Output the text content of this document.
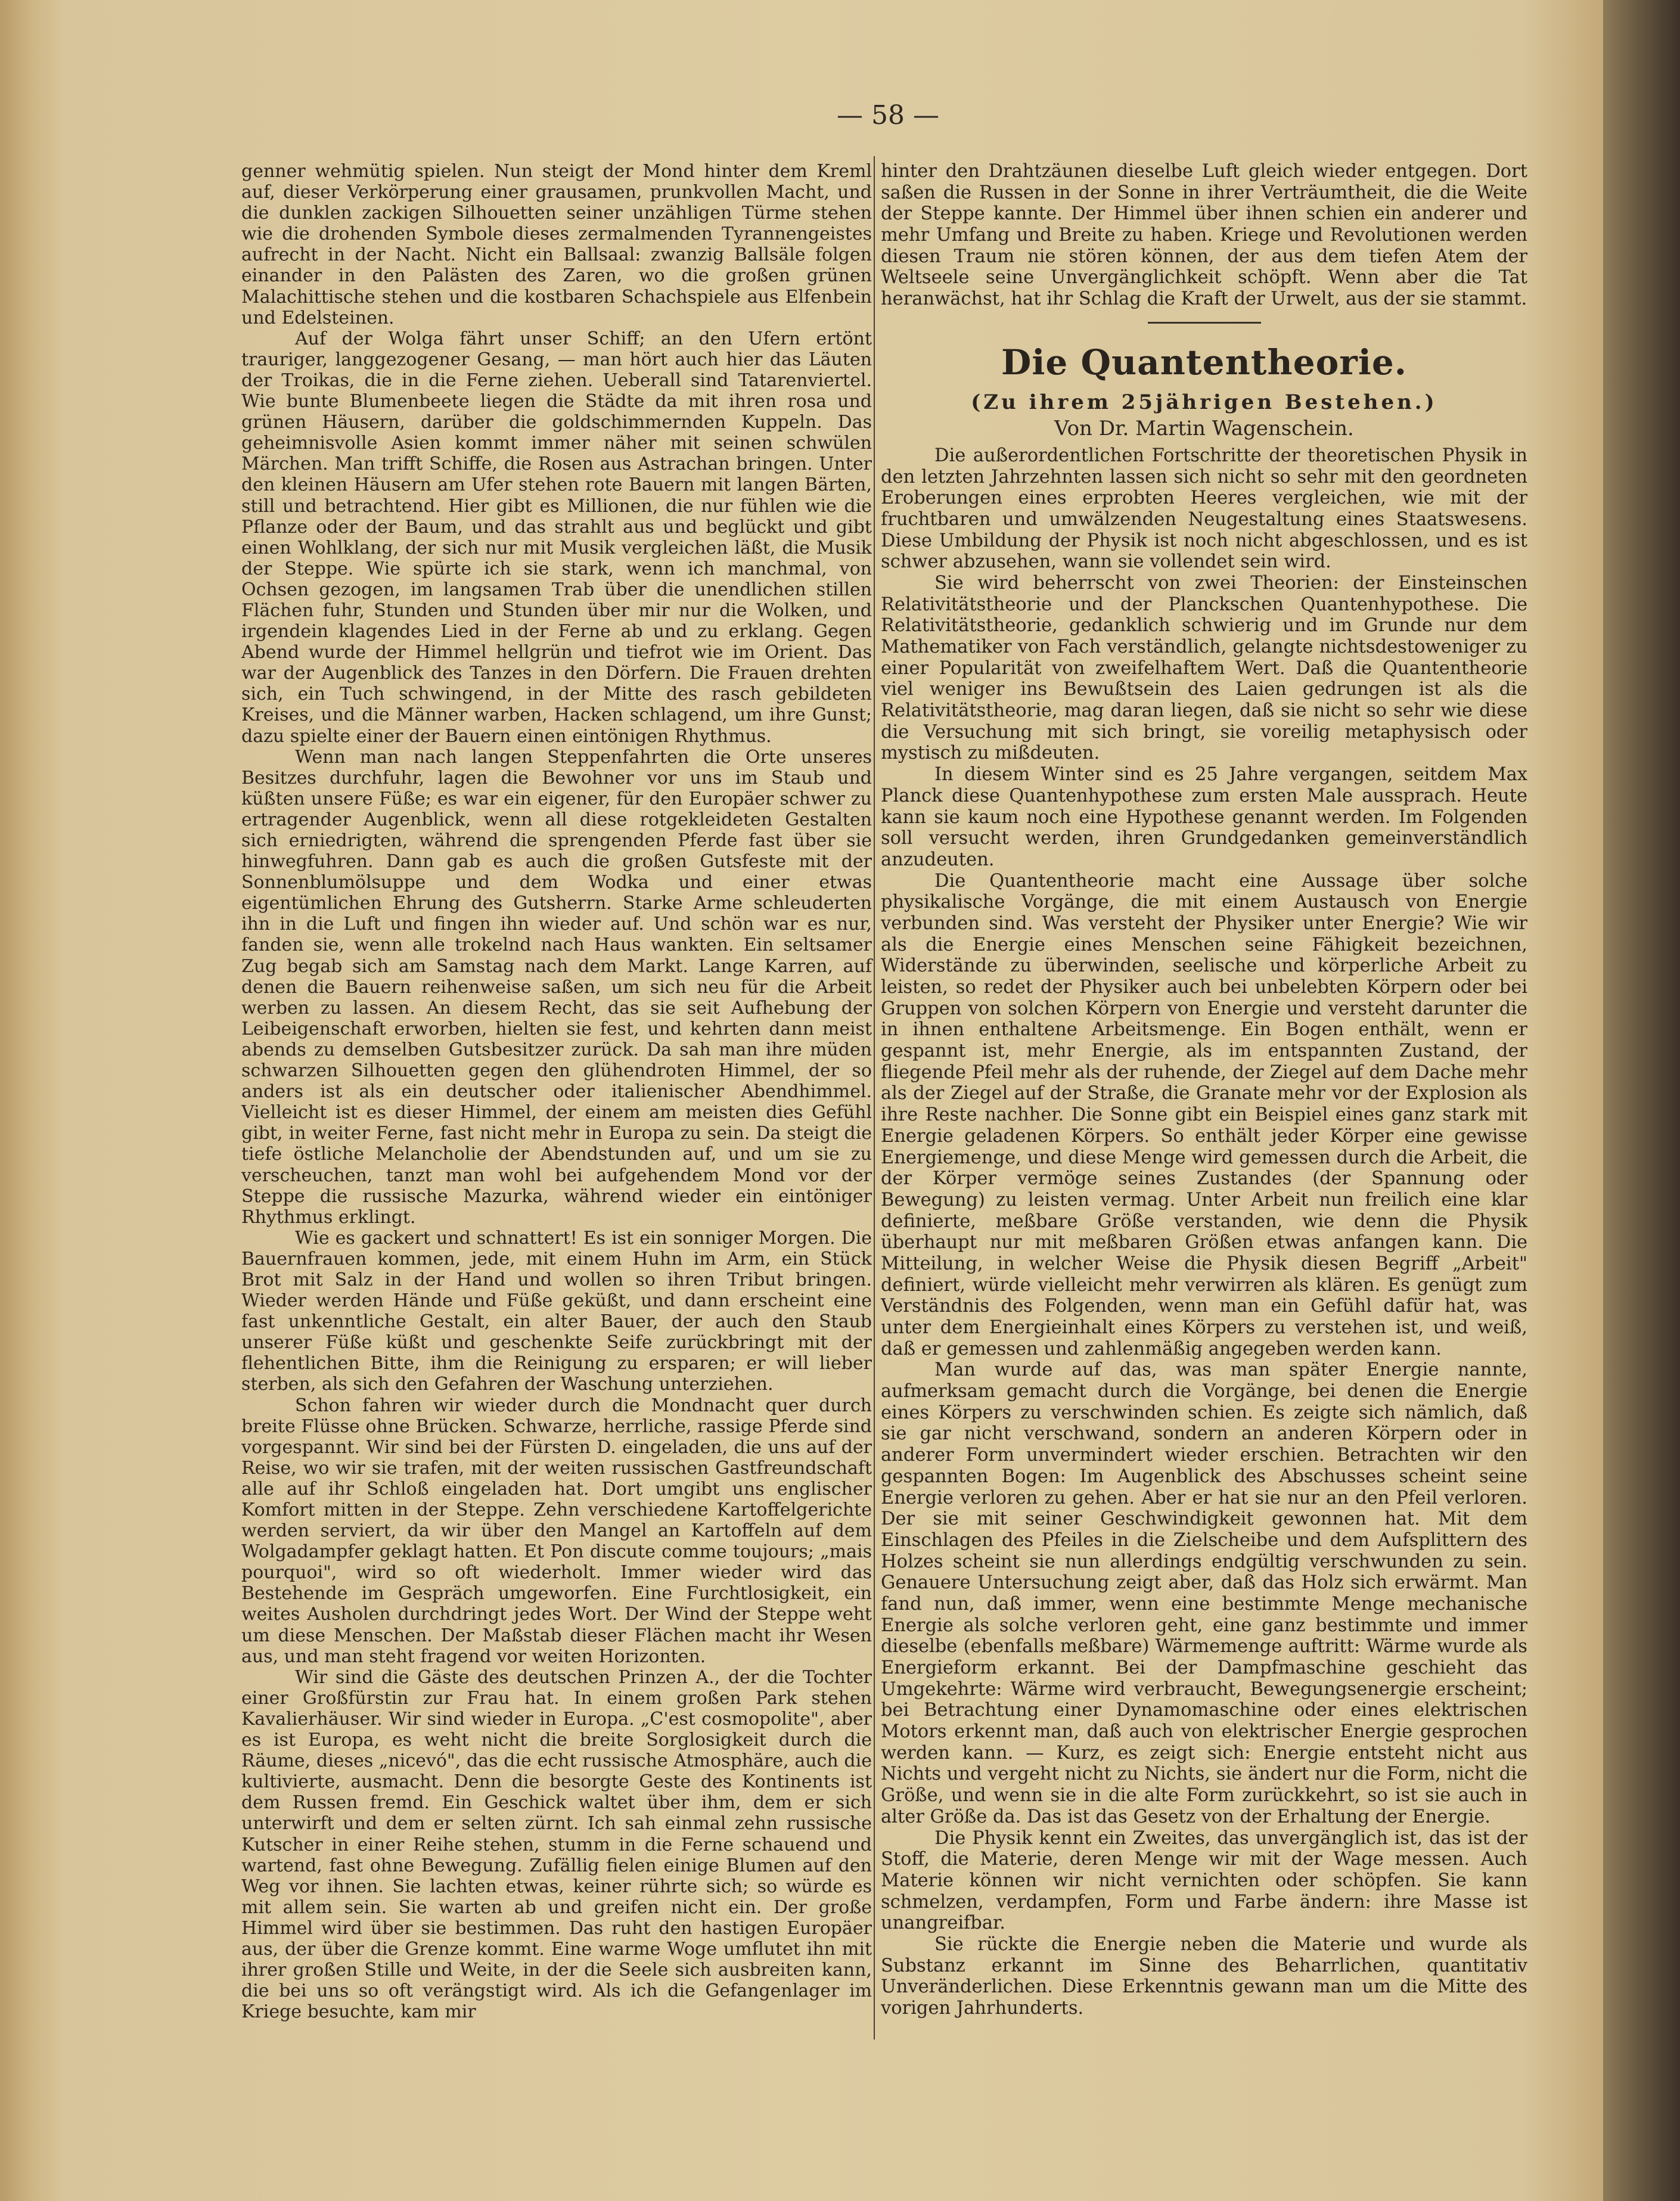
— 58 —

genner wehmütig spielen. Nun steigt der Mond hinter dem Kreml auf, dieser Verkörperung einer grausamen, prunkvollen Macht, und die dunklen zackigen Silhouetten seiner unzähligen Türme stehen wie die drohenden Symbole dieses zermalmenden Tyrannengeistes aufrecht in der Nacht. Nicht ein Ballsaal: zwanzig Ballsäle folgen einander in den Palästen des Zaren, wo die großen grünen Malachittische stehen und die kostbaren Schachspiele aus Elfenbein und Edelsteinen.

Auf der Wolga fährt unser Schiff; an den Ufern ertönt trauriger, langgezogener Gesang, — man hört auch hier das Läuten der Troikas, die in die Ferne ziehen. Ueberall sind Tatarenviertel. Wie bunte Blumenbeete liegen die Städte da mit ihren rosa und grünen Häusern, darüber die goldschimmernden Kuppeln. Das geheimnisvolle Asien kommt immer näher mit seinen schwülen Märchen. Man trifft Schiffe, die Rosen aus Astrachan bringen. Unter den kleinen Häusern am Ufer stehen rote Bauern mit langen Bärten, still und betrachtend. Hier gibt es Millionen, die nur fühlen wie die Pflanze oder der Baum, und das strahlt aus und beglückt und gibt einen Wohlklang, der sich nur mit Musik vergleichen läßt, die Musik der Steppe. Wie spürte ich sie stark, wenn ich manchmal, von Ochsen gezogen, im langsamen Trab über die unendlichen stillen Flächen fuhr, Stunden und Stunden über mir nur die Wolken, und irgendein klagendes Lied in der Ferne ab und zu erklang. Gegen Abend wurde der Himmel hellgrün und tiefrot wie im Orient. Das war der Augenblick des Tanzes in den Dörfern. Die Frauen drehten sich, ein Tuch schwingend, in der Mitte des rasch gebildeten Kreises, und die Männer warben, Hacken schlagend, um ihre Gunst; dazu spielte einer der Bauern einen eintönigen Rhythmus.

Wenn man nach langen Steppenfahrten die Orte unseres Besitzes durchfuhr, lagen die Bewohner vor uns im Staub und küßten unsere Füße; es war ein eigener, für den Europäer schwer zu ertragender Augenblick, wenn all diese rotgekleideten Gestalten sich erniedrigten, während die sprengenden Pferde fast über sie hinwegfuhren. Dann gab es auch die großen Gutsfeste mit der Sonnenblumölsuppe und dem Wodka und einer etwas eigentümlichen Ehrung des Gutsherrn. Starke Arme schleuderten ihn in die Luft und fingen ihn wieder auf. Und schön war es nur, fanden sie, wenn alle trokelnd nach Haus wankten. Ein seltsamer Zug begab sich am Samstag nach dem Markt. Lange Karren, auf denen die Bauern reihenweise saßen, um sich neu für die Arbeit werben zu lassen. An diesem Recht, das sie seit Aufhebung der Leibeigenschaft erworben, hielten sie fest, und kehrten dann meist abends zu demselben Gutsbesitzer zurück. Da sah man ihre müden schwarzen Silhouetten gegen den glühendroten Himmel, der so anders ist als ein deutscher oder italienischer Abendhimmel. Vielleicht ist es dieser Himmel, der einem am meisten dies Gefühl gibt, in weiter Ferne, fast nicht mehr in Europa zu sein. Da steigt die tiefe östliche Melancholie der Abendstunden auf, und um sie zu verscheuchen, tanzt man wohl bei aufgehendem Mond vor der Steppe die russische Mazurka, während wieder ein eintöniger Rhythmus erklingt.

Wie es gackert und schnattert! Es ist ein sonniger Morgen. Die Bauernfrauen kommen, jede, mit einem Huhn im Arm, ein Stück Brot mit Salz in der Hand und wollen so ihren Tribut bringen. Wieder werden Hände und Füße geküßt, und dann erscheint eine fast unkenntliche Gestalt, ein alter Bauer, der auch den Staub unserer Füße küßt und geschenkte Seife zurückbringt mit der flehentlichen Bitte, ihm die Reinigung zu ersparen; er will lieber sterben, als sich den Gefahren der Waschung unterziehen.

Schon fahren wir wieder durch die Mondnacht quer durch breite Flüsse ohne Brücken. Schwarze, herrliche, rassige Pferde sind vorgespannt. Wir sind bei der Fürsten D. eingeladen, die uns auf der Reise, wo wir sie trafen, mit der weiten russischen Gastfreundschaft alle auf ihr Schloß eingeladen hat. Dort umgibt uns englischer Komfort mitten in der Steppe. Zehn verschiedene Kartoffelgerichte werden serviert, da wir über den Mangel an Kartoffeln auf dem Wolgadampfer geklagt hatten. Et Pon discute comme toujours; „mais pourquoi", wird so oft wiederholt. Immer wieder wird das Bestehende im Gespräch umgeworfen. Eine Furchtlosigkeit, ein weites Ausholen durchdringt jedes Wort. Der Wind der Steppe weht um diese Menschen. Der Maßstab dieser Flächen macht ihr Wesen aus, und man steht fragend vor weiten Horizonten.

Wir sind die Gäste des deutschen Prinzen A., der die Tochter einer Großfürstin zur Frau hat. In einem großen Park stehen Kavalierhäuser. Wir sind wieder in Europa. „C'est cosmopolite", aber es ist Europa, es weht nicht die breite Sorglosigkeit durch die Räume, dieses „nicevó", das die echt russische Atmosphäre, auch die kultivierte, ausmacht. Denn die besorgte Geste des Kontinents ist dem Russen fremd. Ein Geschick waltet über ihm, dem er sich unterwirft und dem er selten zürnt. Ich sah einmal zehn russische Kutscher in einer Reihe stehen, stumm in die Ferne schauend und wartend, fast ohne Bewegung. Zufällig fielen einige Blumen auf den Weg vor ihnen. Sie lachten etwas, keiner rührte sich; so würde es mit allem sein. Sie warten ab und greifen nicht ein. Der große Himmel wird über sie bestimmen. Das ruht den hastigen Europäer aus, der über die Grenze kommt. Eine warme Woge umflutet ihn mit ihrer großen Stille und Weite, in der die Seele sich ausbreiten kann, die bei uns so oft verängstigt wird. Als ich die Gefangenlager im Kriege besuchte, kam mir

hinter den Drahtzäunen dieselbe Luft gleich wieder entgegen. Dort saßen die Russen in der Sonne in ihrer Verträumtheit, die die Weite der Steppe kannte. Der Himmel über ihnen schien ein anderer und mehr Umfang und Breite zu haben. Kriege und Revolutionen werden diesen Traum nie stören können, der aus dem tiefen Atem der Weltseele seine Unvergänglichkeit schöpft. Wenn aber die Tat heranwächst, hat ihr Schlag die Kraft der Urwelt, aus der sie stammt.

Die Quantentheorie.
(Zu ihrem 25jährigen Bestehen.)
Von Dr. Martin Wagenschein.

Die außerordentlichen Fortschritte der theoretischen Physik in den letzten Jahrzehnten lassen sich nicht so sehr mit den geordneten Eroberungen eines erprobten Heeres vergleichen, wie mit der fruchtbaren und umwälzenden Neugestaltung eines Staatswesens. Diese Umbildung der Physik ist noch nicht abgeschlossen, und es ist schwer abzusehen, wann sie vollendet sein wird.

Sie wird beherrscht von zwei Theorien: der Einsteinschen Relativitätstheorie und der Planckschen Quantenhypothese. Die Relativitätstheorie, gedanklich schwierig und im Grunde nur dem Mathematiker von Fach verständlich, gelangte nichtsdestoweniger zu einer Popularität von zweifelhaftem Wert. Daß die Quantentheorie viel weniger ins Bewußtsein des Laien gedrungen ist als die Relativitätstheorie, mag daran liegen, daß sie nicht so sehr wie diese die Versuchung mit sich bringt, sie voreilig metaphysisch oder mystisch zu mißdeuten.

In diesem Winter sind es 25 Jahre vergangen, seitdem Max Planck diese Quantenhypothese zum ersten Male aussprach. Heute kann sie kaum noch eine Hypothese genannt werden. Im Folgenden soll versucht werden, ihren Grundgedanken gemeinverständlich anzudeuten.

Die Quantentheorie macht eine Aussage über solche physikalische Vorgänge, die mit einem Austausch von Energie verbunden sind. Was versteht der Physiker unter Energie? Wie wir als die Energie eines Menschen seine Fähigkeit bezeichnen, Widerstände zu überwinden, seelische und körperliche Arbeit zu leisten, so redet der Physiker auch bei unbelebten Körpern oder bei Gruppen von solchen Körpern von Energie und versteht darunter die in ihnen enthaltene Arbeitsmenge. Ein Bogen enthält, wenn er gespannt ist, mehr Energie, als im entspannten Zustand, der fliegende Pfeil mehr als der ruhende, der Ziegel auf dem Dache mehr als der Ziegel auf der Straße, die Granate mehr vor der Explosion als ihre Reste nachher. Die Sonne gibt ein Beispiel eines ganz stark mit Energie geladenen Körpers. So enthält jeder Körper eine gewisse Energiemenge, und diese Menge wird gemessen durch die Arbeit, die der Körper vermöge seines Zustandes (der Spannung oder Bewegung) zu leisten vermag. Unter Arbeit nun freilich eine klar definierte, meßbare Größe verstanden, wie denn die Physik überhaupt nur mit meßbaren Größen etwas anfangen kann. Die Mitteilung, in welcher Weise die Physik diesen Begriff „Arbeit" definiert, würde vielleicht mehr verwirren als klären. Es genügt zum Verständnis des Folgenden, wenn man ein Gefühl dafür hat, was unter dem Energieinhalt eines Körpers zu verstehen ist, und weiß, daß er gemessen und zahlenmäßig angegeben werden kann.

Man wurde auf das, was man später Energie nannte, aufmerksam gemacht durch die Vorgänge, bei denen die Energie eines Körpers zu verschwinden schien. Es zeigte sich nämlich, daß sie gar nicht verschwand, sondern an anderen Körpern oder in anderer Form unvermindert wieder erschien. Betrachten wir den gespannten Bogen: Im Augenblick des Abschusses scheint seine Energie verloren zu gehen. Aber er hat sie nur an den Pfeil verloren. Der sie mit seiner Geschwindigkeit gewonnen hat. Mit dem Einschlagen des Pfeiles in die Zielscheibe und dem Aufsplittern des Holzes scheint sie nun allerdings endgültig verschwunden zu sein. Genauere Untersuchung zeigt aber, daß das Holz sich erwärmt. Man fand nun, daß immer, wenn eine bestimmte Menge mechanische Energie als solche verloren geht, eine ganz bestimmte und immer dieselbe (ebenfalls meßbare) Wärmemenge auftritt: Wärme wurde als Energieform erkannt. Bei der Dampfmaschine geschieht das Umgekehrte: Wärme wird verbraucht, Bewegungsenergie erscheint; bei Betrachtung einer Dynamomaschine oder eines elektrischen Motors erkennt man, daß auch von elektrischer Energie gesprochen werden kann. — Kurz, es zeigt sich: Energie entsteht nicht aus Nichts und vergeht nicht zu Nichts, sie ändert nur die Form, nicht die Größe, und wenn sie in die alte Form zurückkehrt, so ist sie auch in alter Größe da. Das ist das Gesetz von der Erhaltung der Energie.

Die Physik kennt ein Zweites, das unvergänglich ist, das ist der Stoff, die Materie, deren Menge wir mit der Wage messen. Auch Materie können wir nicht vernichten oder schöpfen. Sie kann schmelzen, verdampfen, Form und Farbe ändern: ihre Masse ist unangreifbar.

Sie rückte die Energie neben die Materie und wurde als Substanz erkannt im Sinne des Beharrlichen, quantitativ Unveränderlichen. Diese Erkenntnis gewann man um die Mitte des vorigen Jahrhunderts.
